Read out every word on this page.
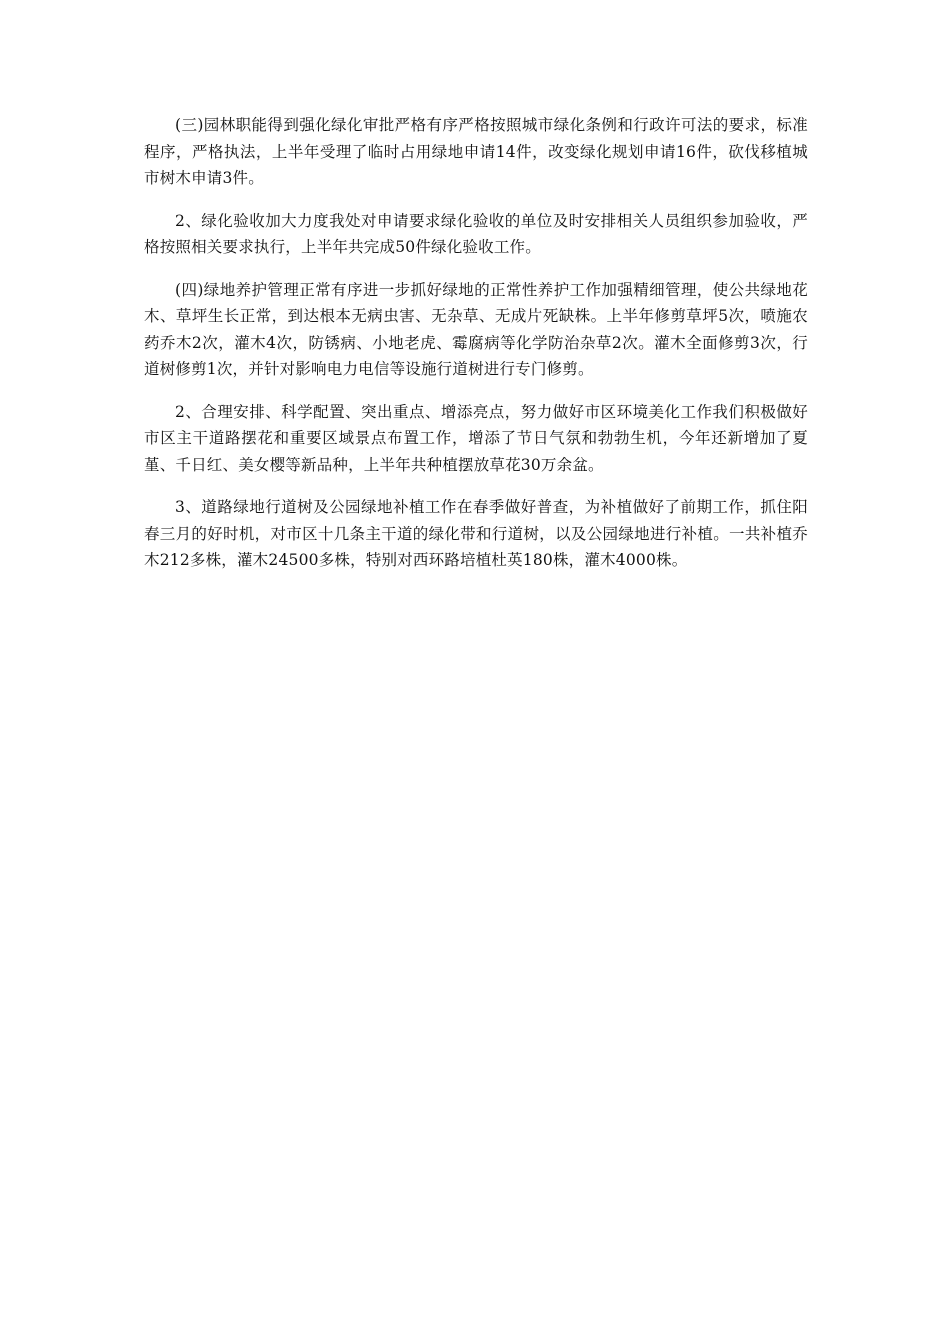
(三)园林职能得到强化绿化审批严格有序严格按照城市绿化条例和行政许可法的要求，标准程序，严格执法，上半年受理了临时占用绿地申请14件，改变绿化规划申请16件，砍伐移植城市树木申请3件。

2、绿化验收加大力度我处对申请要求绿化验收的单位及时安排相关人员组织参加验收，严格按照相关要求执行，上半年共完成50件绿化验收工作。

(四)绿地养护管理正常有序进一步抓好绿地的正常性养护工作加强精细管理，使公共绿地花木、草坪生长正常，到达根本无病虫害、无杂草、无成片死缺株。上半年修剪草坪5次，喷施农药乔木2次，灌木4次，防锈病、小地老虎、霉腐病等化学防治杂草2次。灌木全面修剪3次，行道树修剪1次，并针对影响电力电信等设施行道树进行专门修剪。

2、合理安排、科学配置、突出重点、增添亮点，努力做好市区环境美化工作我们积极做好市区主干道路摆花和重要区域景点布置工作，增添了节日气氛和勃勃生机，今年还新增加了夏堇、千日红、美女樱等新品种，上半年共种植摆放草花30万余盆。

3、道路绿地行道树及公园绿地补植工作在春季做好普查，为补植做好了前期工作，抓住阳春三月的好时机，对市区十几条主干道的绿化带和行道树，以及公园绿地进行补植。一共补植乔木212多株，灌木24500多株，特别对西环路培植杜英180株，灌木4000株。
